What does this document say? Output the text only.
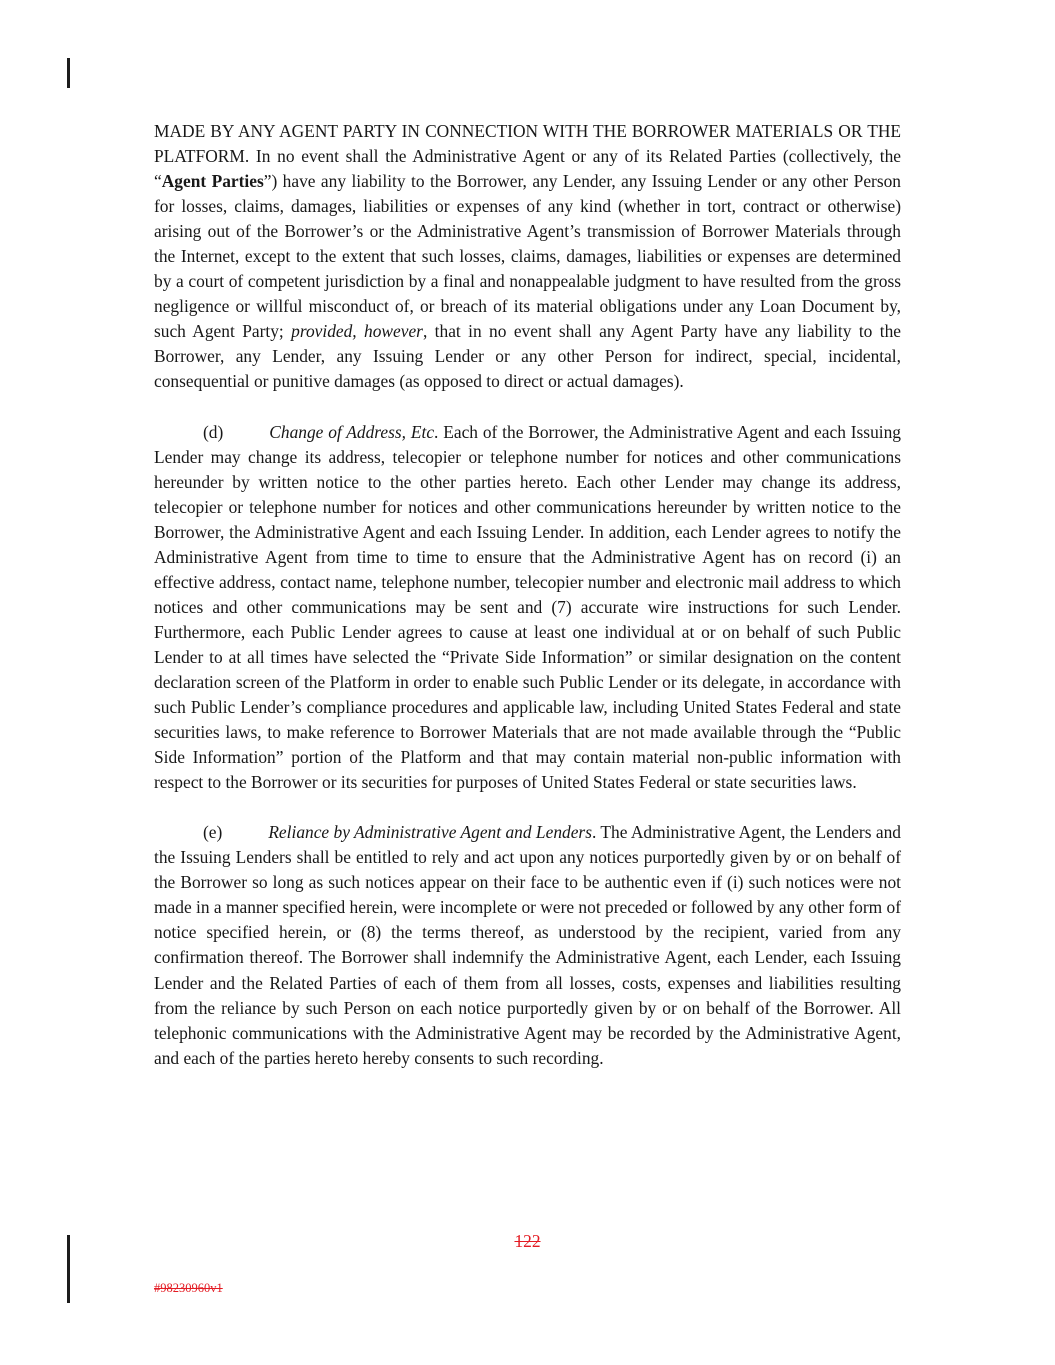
MADE BY ANY AGENT PARTY IN CONNECTION WITH THE BORROWER MATERIALS OR THE PLATFORM. In no event shall the Administrative Agent or any of its Related Parties (collectively, the “Agent Parties”) have any liability to the Borrower, any Lender, any Issuing Lender or any other Person for losses, claims, damages, liabilities or expenses of any kind (whether in tort, contract or otherwise) arising out of the Borrower’s or the Administrative Agent’s transmission of Borrower Materials through the Internet, except to the extent that such losses, claims, damages, liabilities or expenses are determined by a court of competent jurisdiction by a final and nonappealable judgment to have resulted from the gross negligence or willful misconduct of, or breach of its material obligations under any Loan Document by, such Agent Party; provided, however, that in no event shall any Agent Party have any liability to the Borrower, any Lender, any Issuing Lender or any other Person for indirect, special, incidental, consequential or punitive damages (as opposed to direct or actual damages).

(d)	Change of Address, Etc. Each of the Borrower, the Administrative Agent and each Issuing Lender may change its address, telecopier or telephone number for notices and other communications hereunder by written notice to the other parties hereto. Each other Lender may change its address, telecopier or telephone number for notices and other communications hereunder by written notice to the Borrower, the Administrative Agent and each Issuing Lender. In addition, each Lender agrees to notify the Administrative Agent from time to time to ensure that the Administrative Agent has on record (i) an effective address, contact name, telephone number, telecopier number and electronic mail address to which notices and other communications may be sent and (7) accurate wire instructions for such Lender. Furthermore, each Public Lender agrees to cause at least one individual at or on behalf of such Public Lender to at all times have selected the “Private Side Information” or similar designation on the content declaration screen of the Platform in order to enable such Public Lender or its delegate, in accordance with such Public Lender’s compliance procedures and applicable law, including United States Federal and state securities laws, to make reference to Borrower Materials that are not made available through the “Public Side Information” portion of the Platform and that may contain material non-public information with respect to the Borrower or its securities for purposes of United States Federal or state securities laws.

(e)	Reliance by Administrative Agent and Lenders. The Administrative Agent, the Lenders and the Issuing Lenders shall be entitled to rely and act upon any notices purportedly given by or on behalf of the Borrower so long as such notices appear on their face to be authentic even if (i) such notices were not made in a manner specified herein, were incomplete or were not preceded or followed by any other form of notice specified herein, or (8) the terms thereof, as understood by the recipient, varied from any confirmation thereof. The Borrower shall indemnify the Administrative Agent, each Lender, each Issuing Lender and the Related Parties of each of them from all losses, costs, expenses and liabilities resulting from the reliance by such Person on each notice purportedly given by or on behalf of the Borrower. All telephonic communications with the Administrative Agent may be recorded by the Administrative Agent, and each of the parties hereto hereby consents to such recording.

122
#98230960v1
